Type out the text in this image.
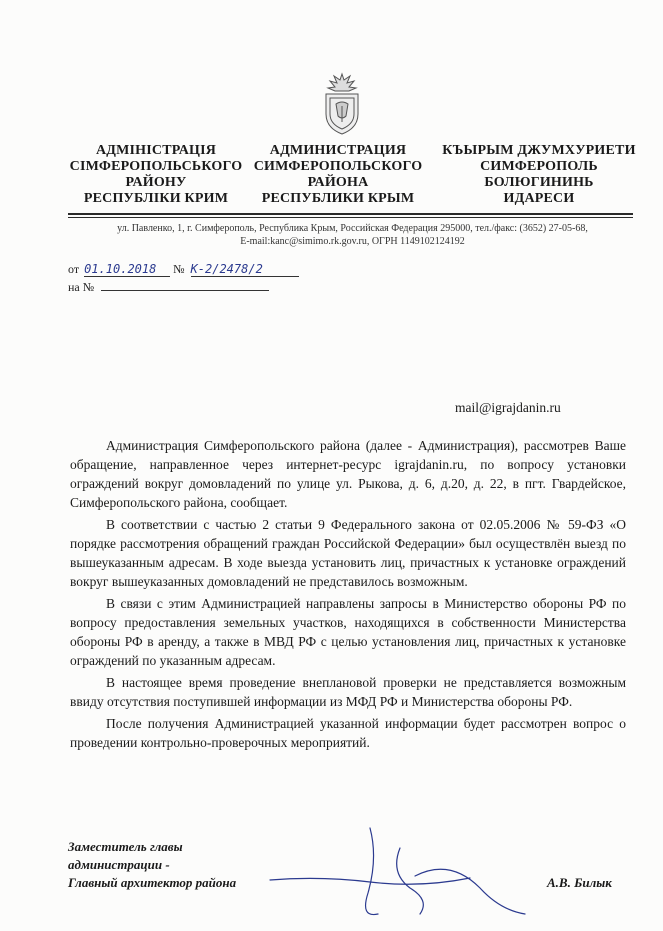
АДМІНІСТРАЦІЯ
СІМФЕРОПОЛЬСЬКОГО
РАЙОНУ
РЕСПУБЛІКИ КРИМ
АДМИНИСТРАЦИЯ
СИМФЕРОПОЛЬСКОГО
РАЙОНА
РЕСПУБЛИКИ КРЫМ
КЪЫРЫМ ДЖУМХУРИЕТИ
СИМФЕРОПОЛЬ
БОЛЮГИНИНЬ
ИДАРЕСИ
ул. Павленко, 1, г. Симферополь, Республика Крым, Российская Федерация 295000, тел./факс: (3652) 27-05-68,
E-mail:kanc@simimo.rk.gov.ru, ОГРН 1149102124192
от 01.10.2018 № К-2/2478/2
на №
mail@igrajdanin.ru

Администрация Симферопольского района (далее - Администрация), рассмотрев Ваше обращение, направленное через интернет-ресурс igrajdanin.ru, по вопросу установки ограждений вокруг домовладений по улице ул. Рыкова, д. 6, д.20, д. 22, в пгт. Гвардейское, Симферопольского района, сообщает.

В соответствии с частью 2 статьи 9 Федерального закона от 02.05.2006 № 59-ФЗ «О порядке рассмотрения обращений граждан Российской Федерации» был осуществлён выезд по вышеуказанным адресам. В ходе выезда установить лиц, причастных к установке ограждений вокруг вышеуказанных домовладений не представилось возможным.

В связи с этим Администрацией направлены запросы в Министерство обороны РФ по вопросу предоставления земельных участков, находящихся в собственности Министерства обороны РФ в аренду, а также в МВД РФ с целью установления лиц, причастных к установке ограждений по указанным адресам.

В настоящее время проведение внеплановой проверки не представляется возможным ввиду отсутствия поступившей информации из МФД РФ и Министерства обороны РФ.

После получения Администрацией указанной информации будет рассмотрен вопрос о проведении контрольно-проверочных мероприятий.

Заместитель главы
администрации -
Главный архитектор района	А.В. Билык
